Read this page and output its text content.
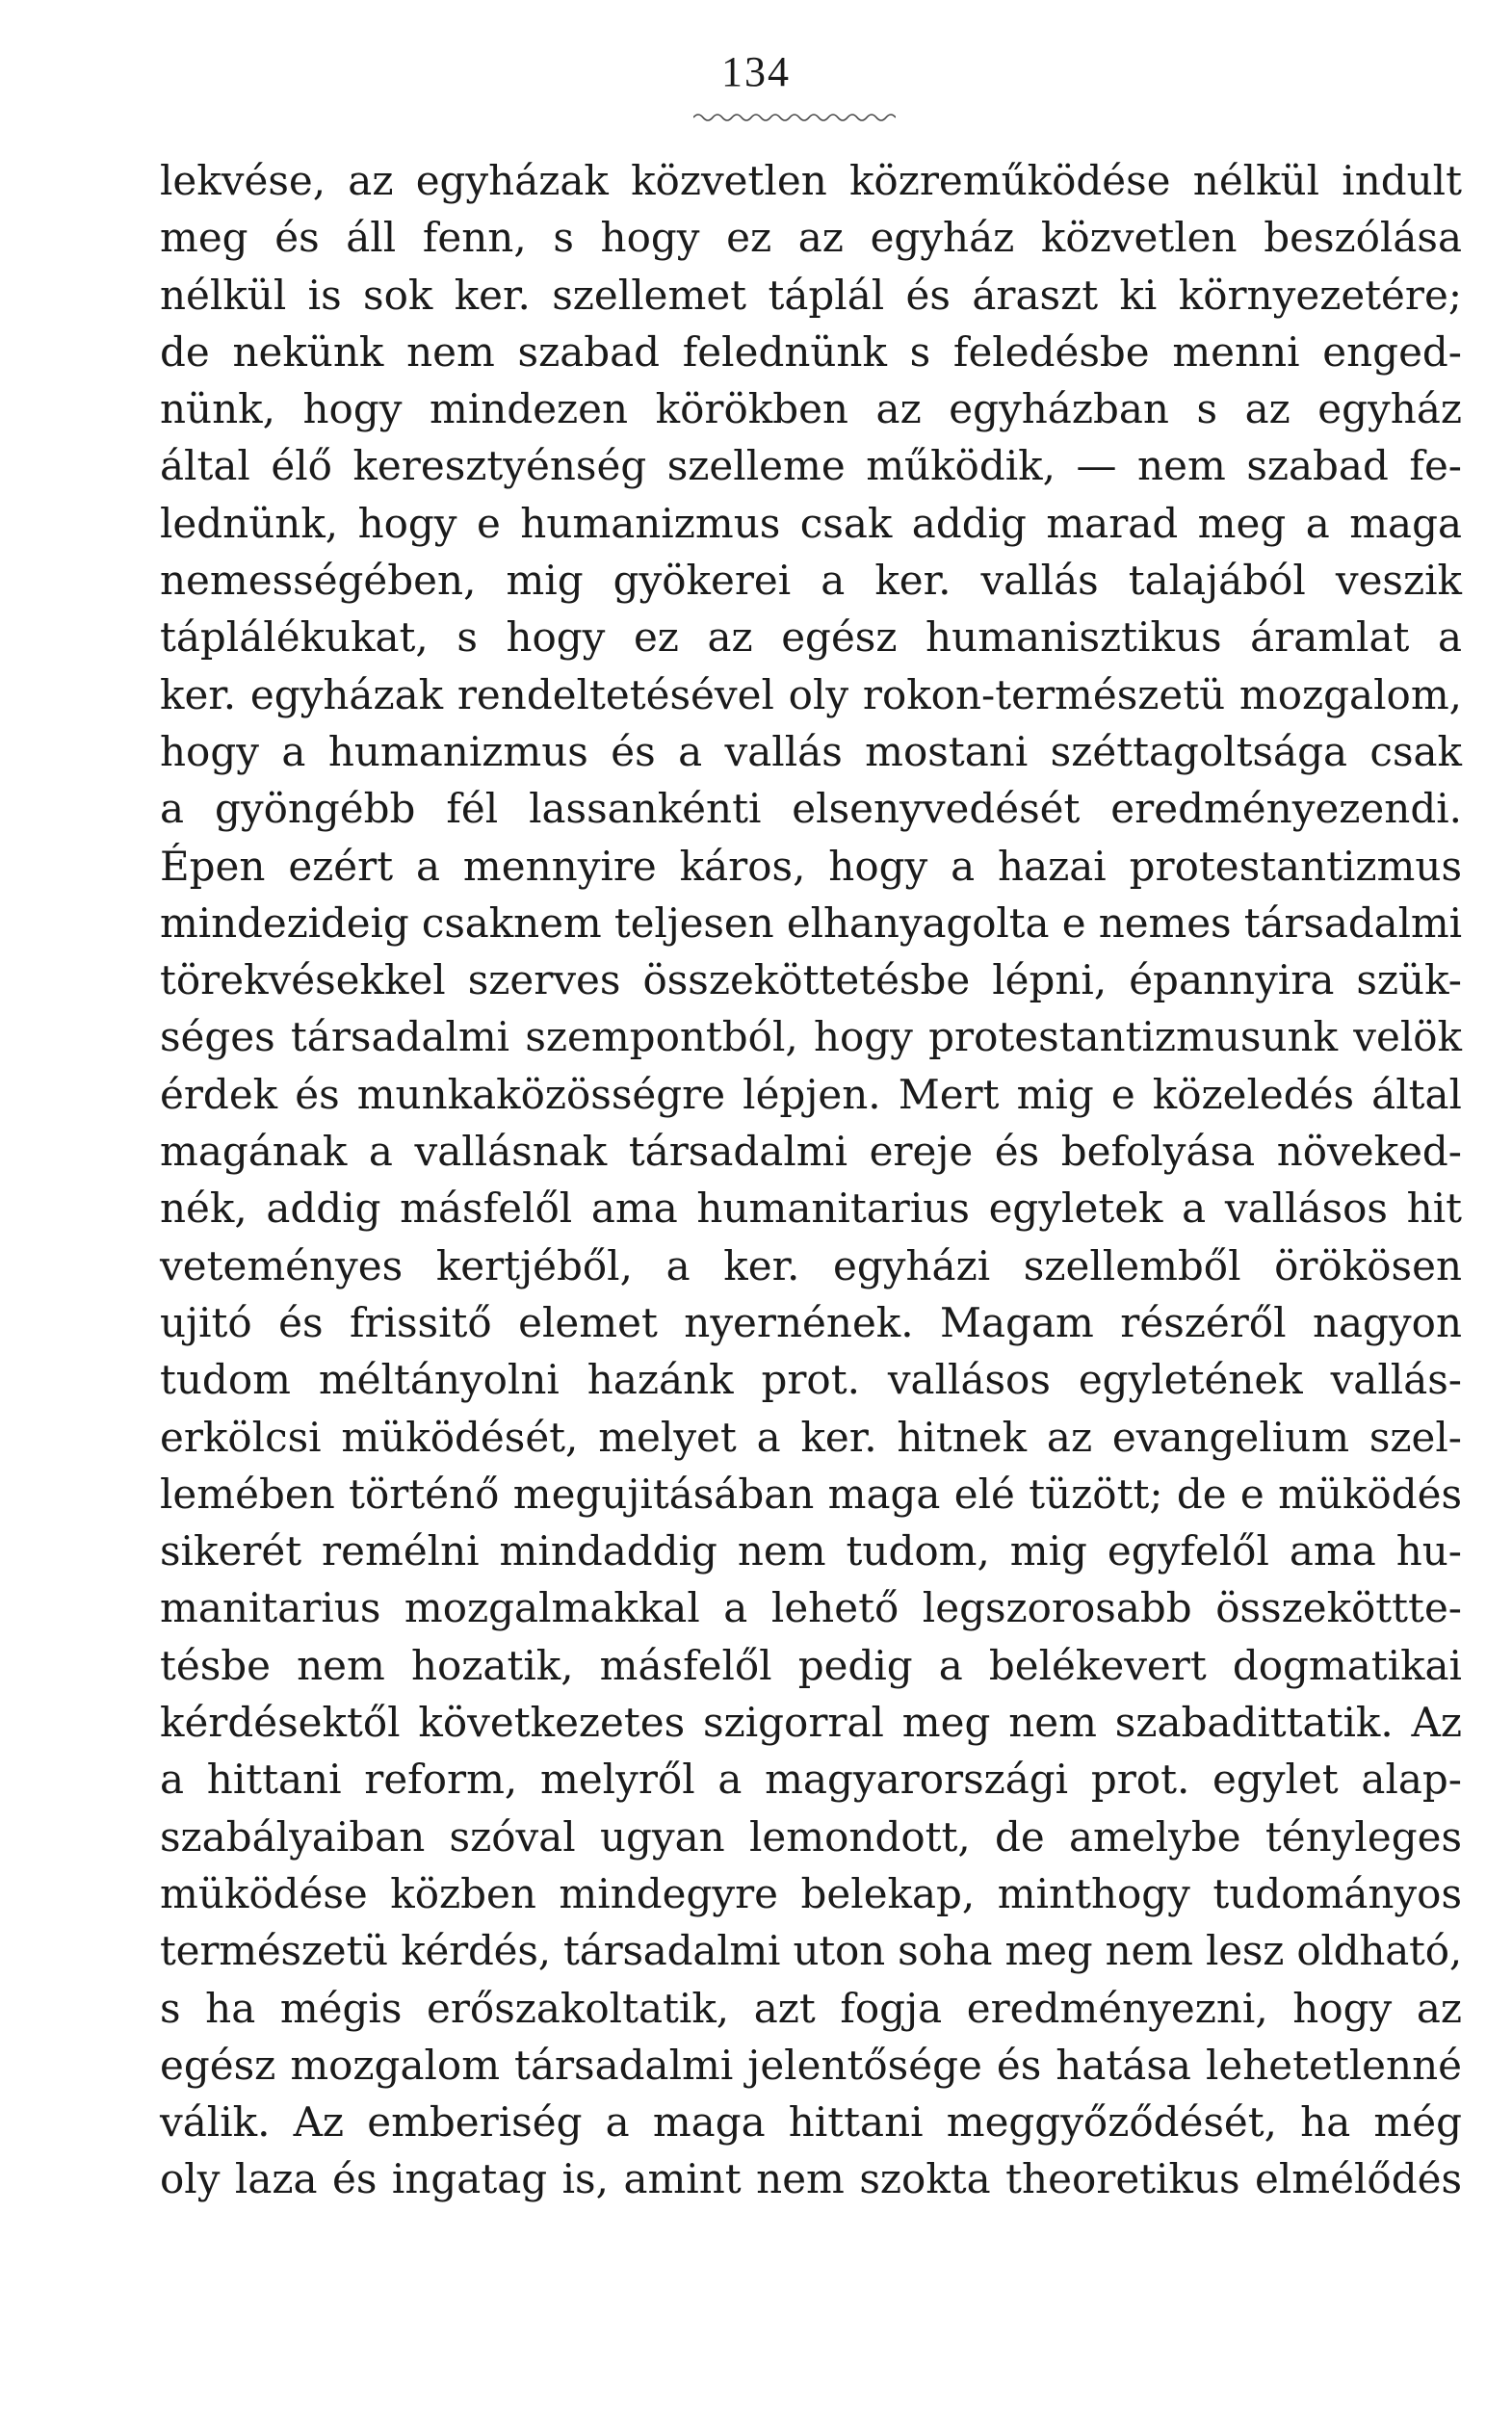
134
lekvése, az egyházak közvetlen közreműködése nélkül indult
meg és áll fenn, s hogy ez az egyház közvetlen beszólása
nélkül is sok ker. szellemet táplál és áraszt ki környezetére;
de nekünk nem szabad felednünk s feledésbe menni enged-
nünk, hogy mindezen körökben az egyházban s az egyház
által élő keresztyénség szelleme működik, — nem szabad fe-
lednünk, hogy e humanizmus csak addig marad meg a maga
nemességében, mig gyökerei a ker. vallás talajából veszik
táplálékukat, s hogy ez az egész humanisztikus áramlat a
ker. egyházak rendeltetésével oly rokon-természetü mozgalom,
hogy a humanizmus és a vallás mostani széttagoltsága csak
a gyöngébb fél lassankénti elsenyvedését eredményezendi.
Épen ezért a mennyire káros, hogy a hazai protestantizmus
mindezideig csaknem teljesen elhanyagolta e nemes társadalmi
törekvésekkel szerves összeköttetésbe lépni, épannyira szük-
séges társadalmi szempontból, hogy protestantizmusunk velök
érdek és munkaközösségre lépjen. Mert mig e közeledés által
magának a vallásnak társadalmi ereje és befolyása növeked-
nék, addig másfelől ama humanitarius egyletek a vallásos hit
veteményes kertjéből, a ker. egyházi szellemből örökösen
ujitó és frissitő elemet nyernének. Magam részéről nagyon
tudom méltányolni hazánk prot. vallásos egyletének vallás-
erkölcsi müködését, melyet a ker. hitnek az evangelium szel-
lemében történő megujitásában maga elé tüzött; de e müködés
sikerét remélni mindaddig nem tudom, mig egyfelől ama hu-
manitarius mozgalmakkal a lehető legszorosabb összeköttte-
tésbe nem hozatik, másfelől pedig a belékevert dogmatikai
kérdésektől következetes szigorral meg nem szabadittatik. Az
a hittani reform, melyről a magyarországi prot. egylet alap-
szabályaiban szóval ugyan lemondott, de amelybe tényleges
müködése közben mindegyre belekap, minthogy tudományos
természetü kérdés, társadalmi uton soha meg nem lesz oldható,
s ha mégis erőszakoltatik, azt fogja eredményezni, hogy az
egész mozgalom társadalmi jelentősége és hatása lehetetlenné
válik. Az emberiség a maga hittani meggyőződését, ha még
oly laza és ingatag is, amint nem szokta theoretikus elmélődés
